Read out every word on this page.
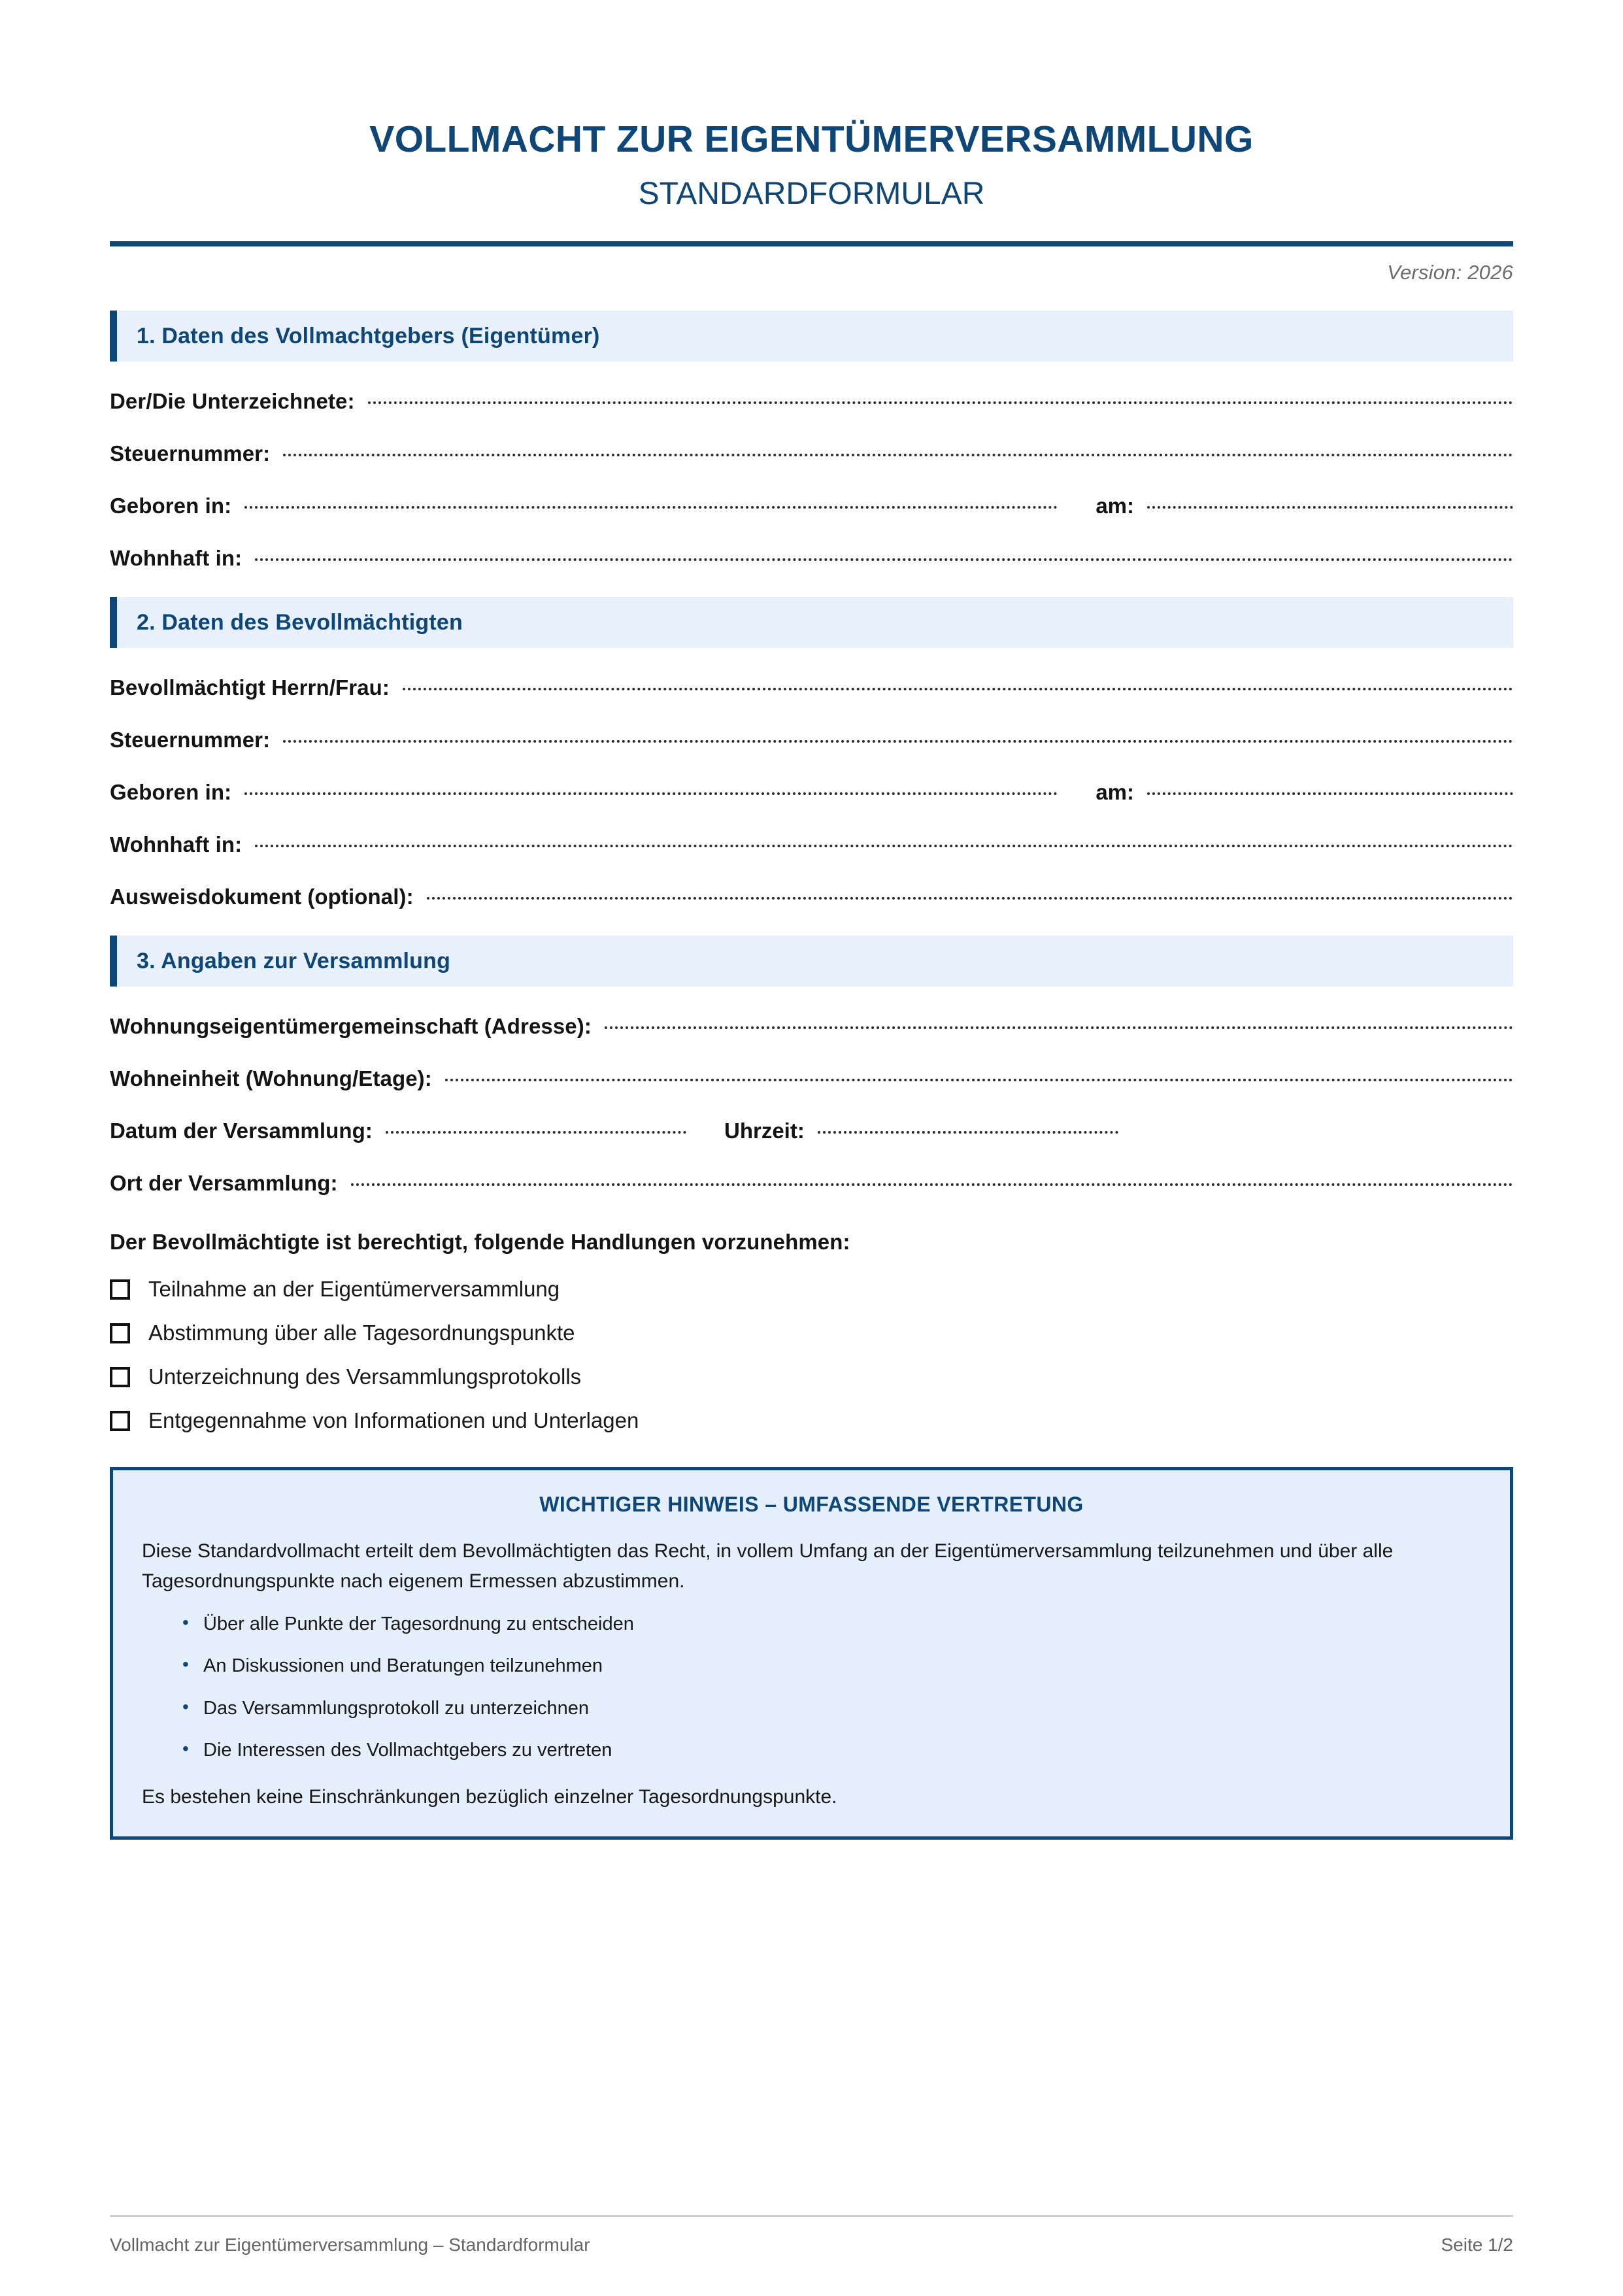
VOLLMACHT ZUR EIGENTÜMERVERSAMMLUNG
STANDARDFORMULAR
Version: 2026
1. Daten des Vollmachtgebers (Eigentümer)
Der/Die Unterzeichnete:
Steuernummer:
Geboren in:	am:
Wohnhaft in:
2. Daten des Bevollmächtigten
Bevollmächtigt Herrn/Frau:
Steuernummer:
Geboren in:	am:
Wohnhaft in:
Ausweisdokument (optional):
3. Angaben zur Versammlung
Wohnungseigentümergemeinschaft (Adresse):
Wohneinheit (Wohnung/Etage):
Datum der Versammlung:	Uhrzeit:
Ort der Versammlung:
Der Bevollmächtigte ist berechtigt, folgende Handlungen vorzunehmen:
Teilnahme an der Eigentümerversammlung
Abstimmung über alle Tagesordnungspunkte
Unterzeichnung des Versammlungsprotokolls
Entgegennahme von Informationen und Unterlagen
WICHTIGER HINWEIS – UMFASSENDE VERTRETUNG

Diese Standardvollmacht erteilt dem Bevollmächtigten das Recht, in vollem Umfang an der Eigentümerversammlung teilzunehmen und über alle Tagesordnungspunkte nach eigenem Ermessen abzustimmen.

• Über alle Punkte der Tagesordnung zu entscheiden
• An Diskussionen und Beratungen teilzunehmen
• Das Versammlungsprotokoll zu unterzeichnen
• Die Interessen des Vollmachtgebers zu vertreten

Es bestehen keine Einschränkungen bezüglich einzelner Tagesordnungspunkte.

Vollmacht zur Eigentümerversammlung – Standardformular	Seite 1/2
